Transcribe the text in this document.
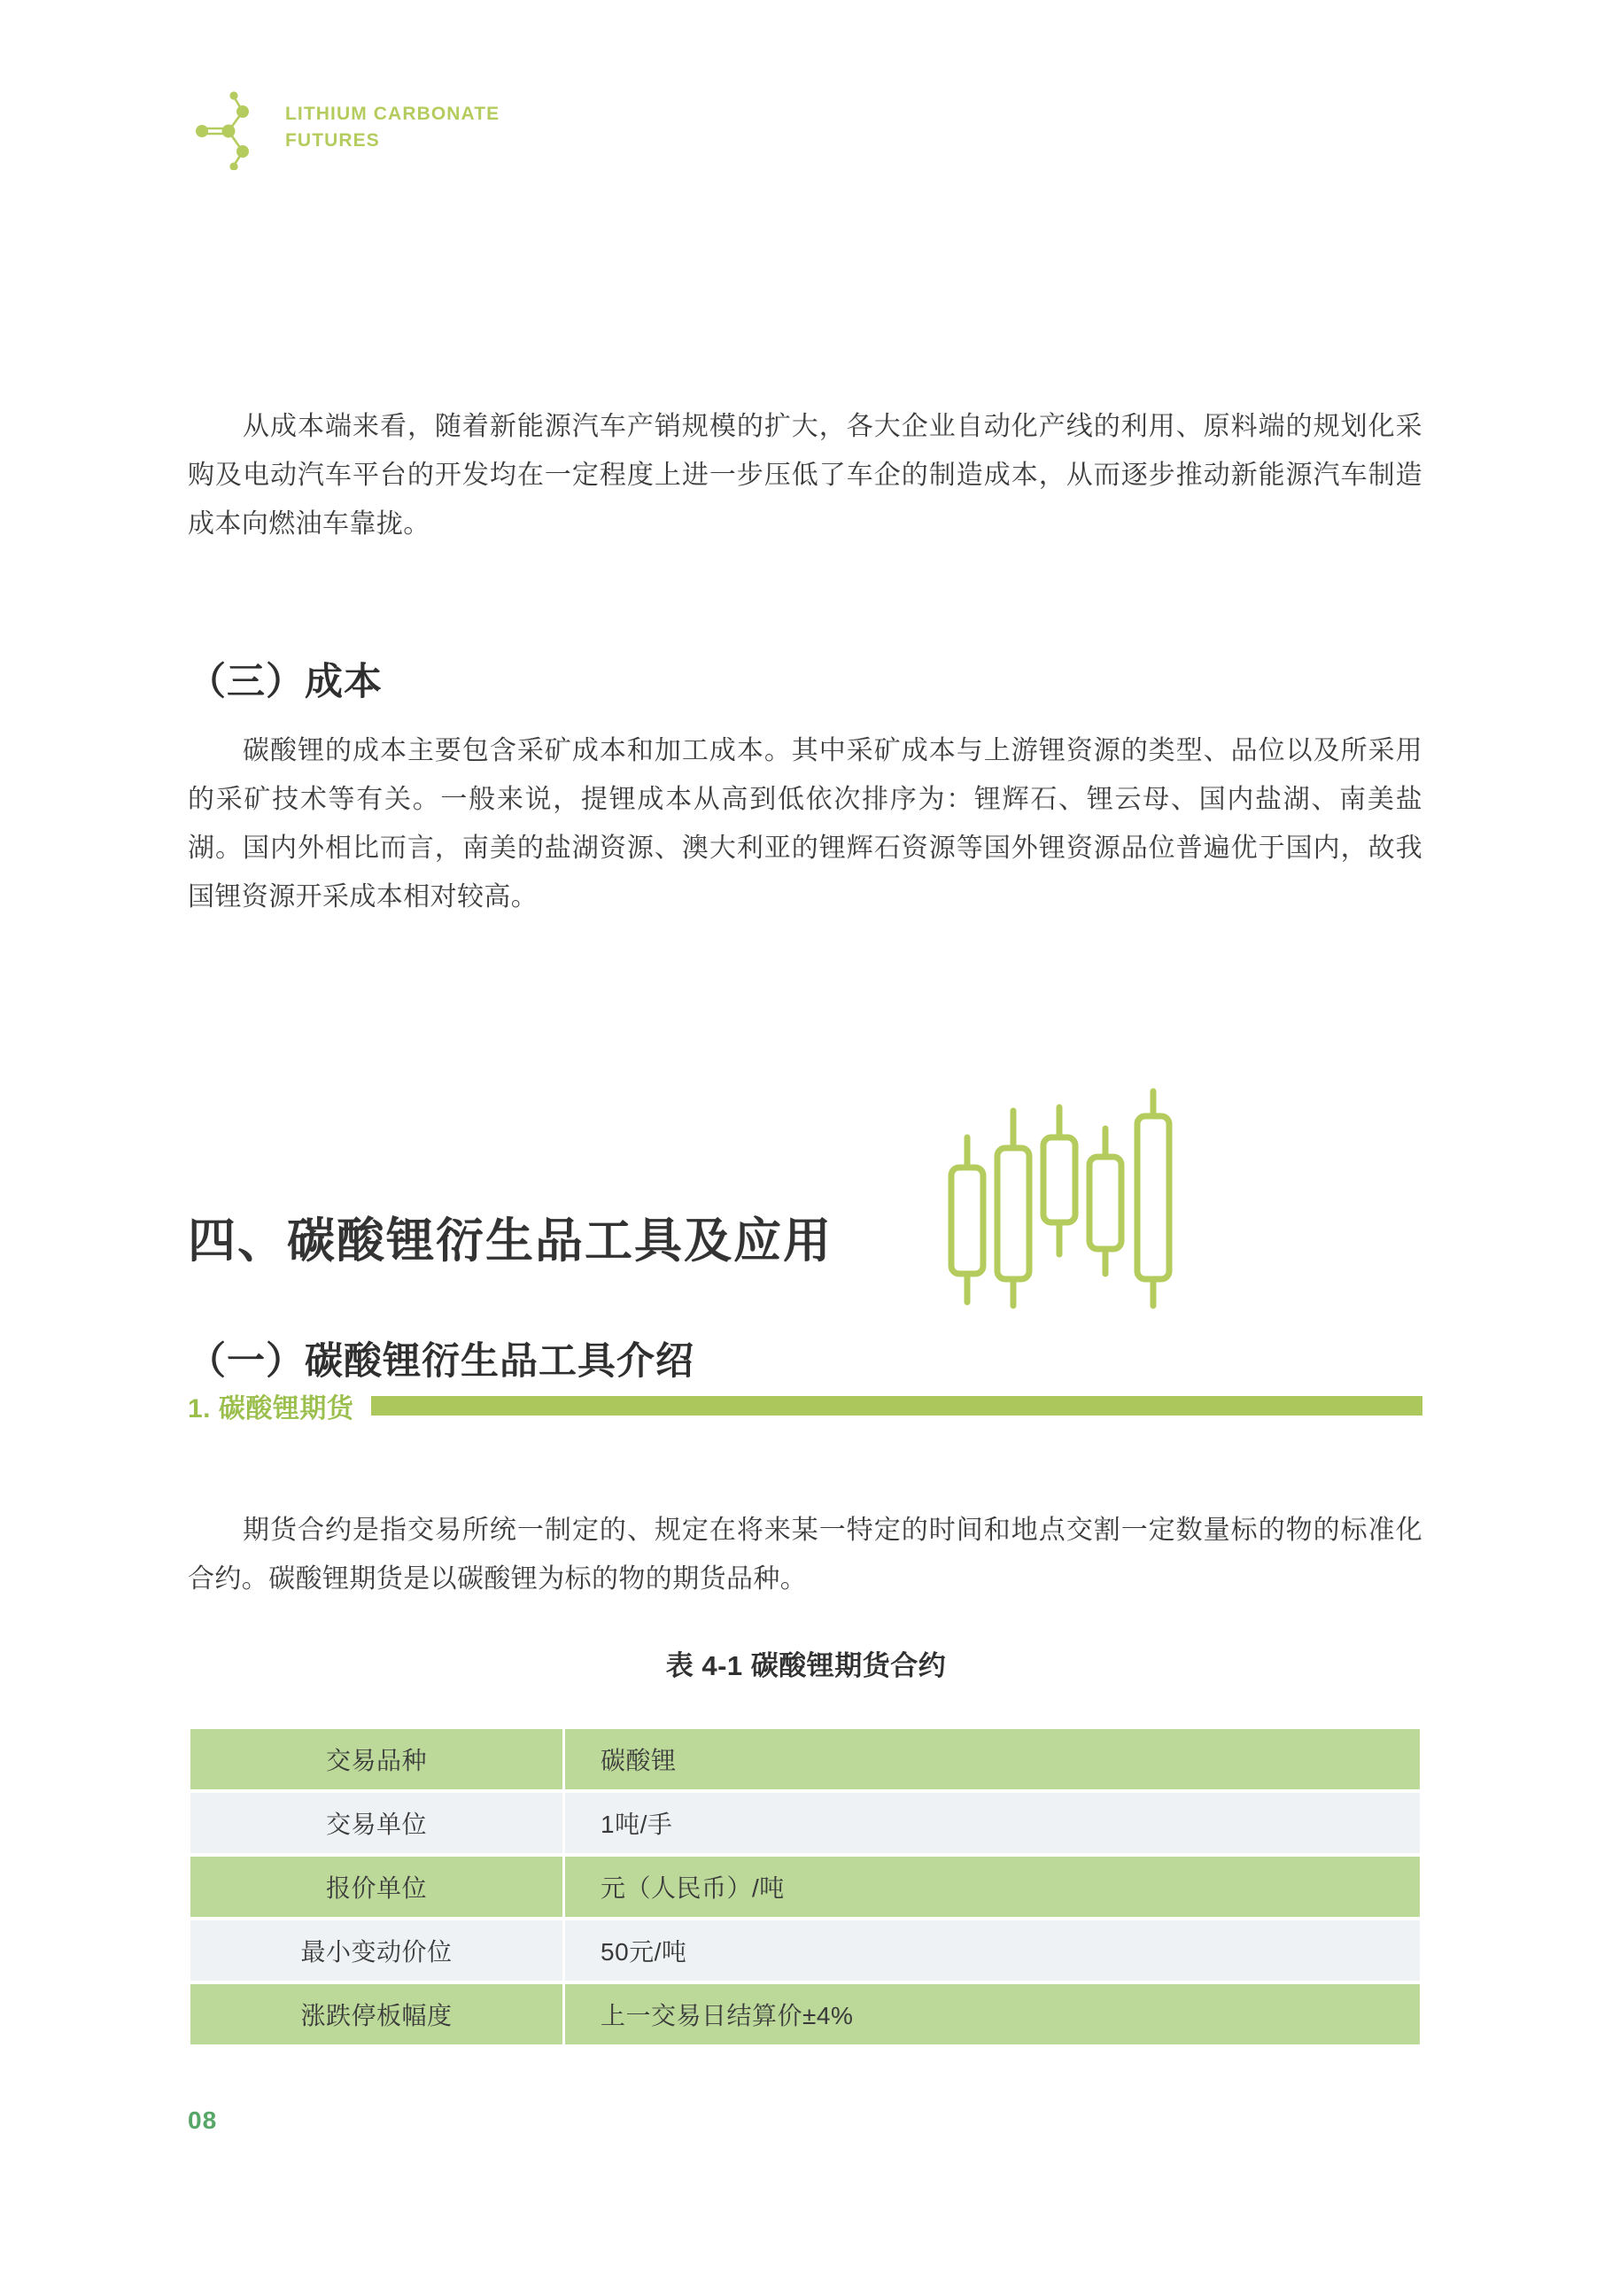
LITHIUM CARBONATE
FUTURES

从成本端来看，随着新能源汽车产销规模的扩大，各大企业自动化产线的利用、原料端的规划化采购及电动汽车平台的开发均在一定程度上进一步压低了车企的制造成本，从而逐步推动新能源汽车制造成本向燃油车靠拢。

（三）成本

碳酸锂的成本主要包含采矿成本和加工成本。其中采矿成本与上游锂资源的类型、品位以及所采用的采矿技术等有关。一般来说，提锂成本从高到低依次排序为：锂辉石、锂云母、国内盐湖、南美盐湖。国内外相比而言，南美的盐湖资源、澳大利亚的锂辉石资源等国外锂资源品位普遍优于国内，故我国锂资源开采成本相对较高。

四、碳酸锂衍生品工具及应用
（一）碳酸锂衍生品工具介绍
1. 碳酸锂期货

期货合约是指交易所统一制定的、规定在将来某一特定的时间和地点交割一定数量标的物的标准化合约。碳酸锂期货是以碳酸锂为标的物的期货品种。

表 4-1 碳酸锂期货合约
交易品种	碳酸锂
交易单位	1吨/手
报价单位	元（人民币）/吨
最小变动价位	50元/吨
涨跌停板幅度	上一交易日结算价±4%
08
